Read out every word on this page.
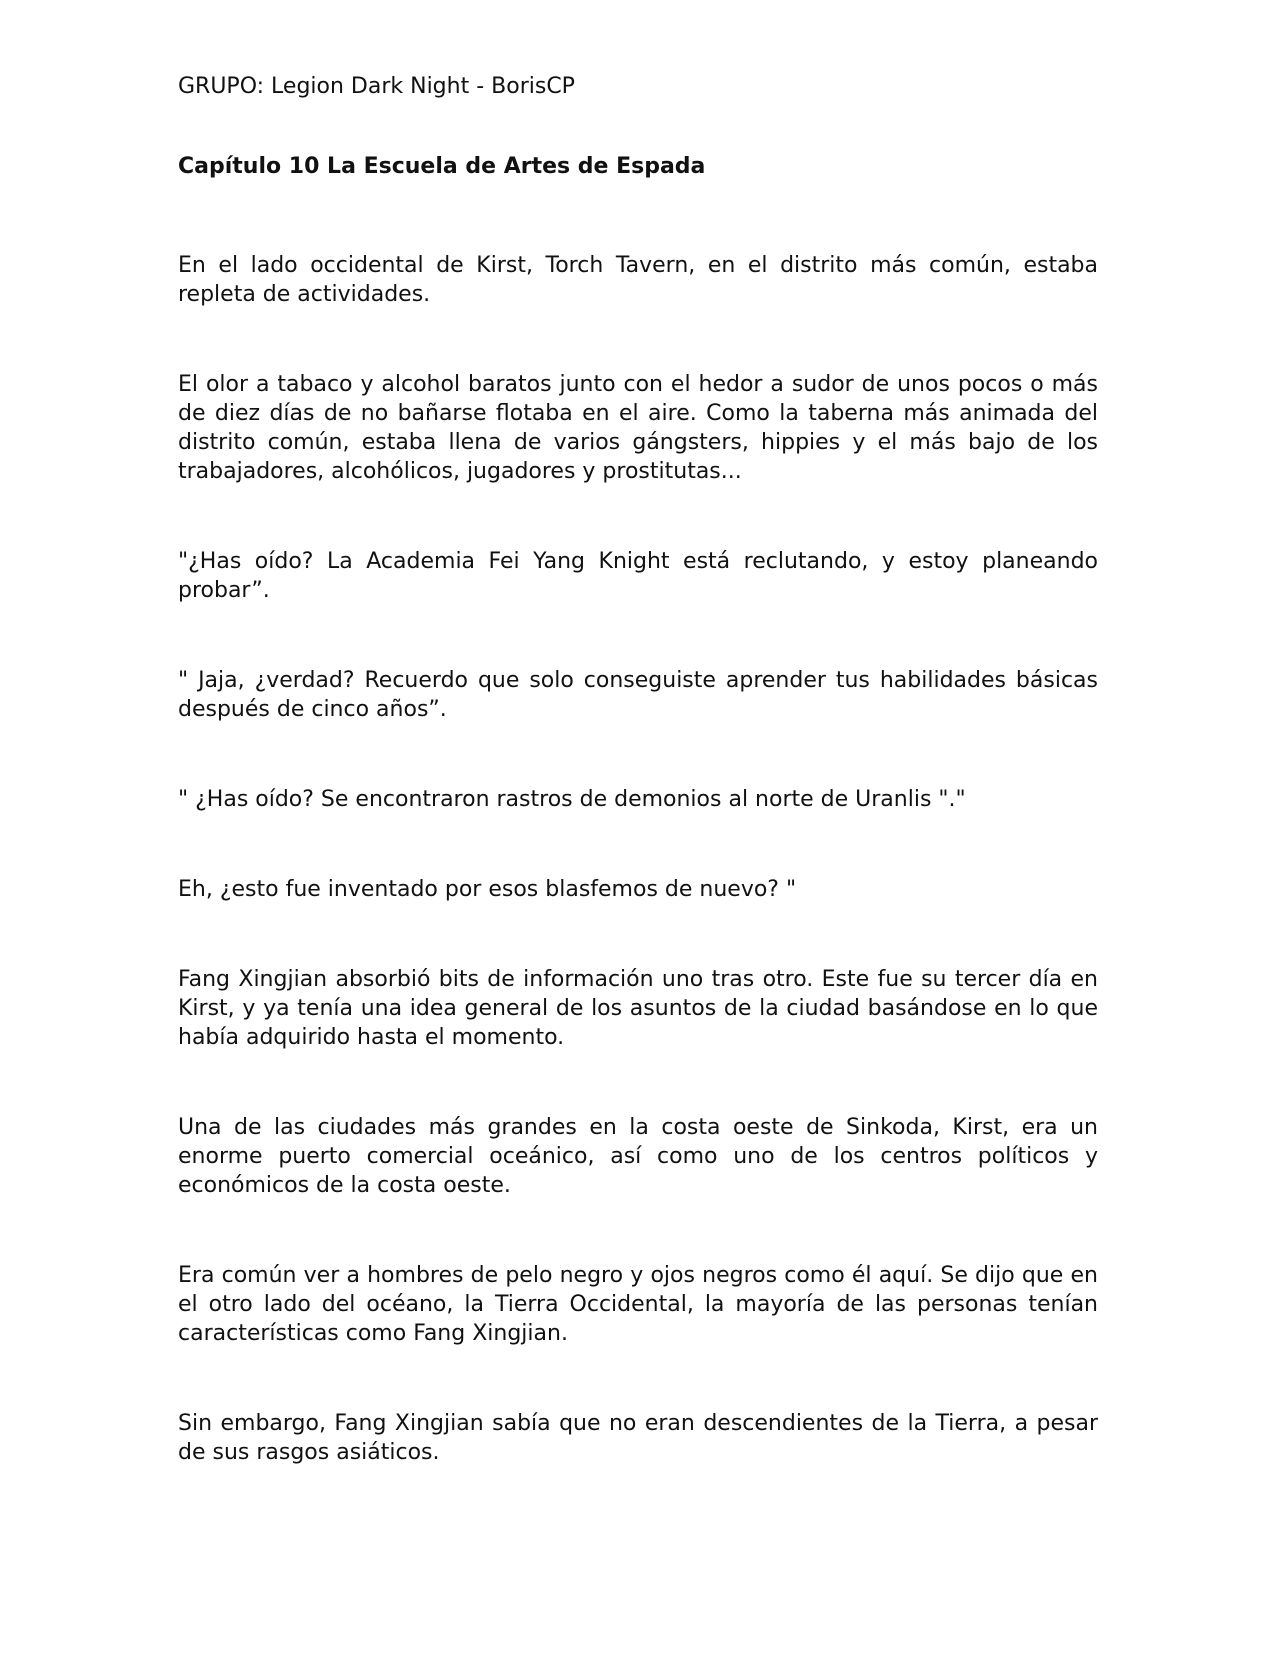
GRUPO: Legion Dark Night - BorisCP

Capítulo 10 La Escuela de Artes de Espada

En el lado occidental de Kirst, Torch Tavern, en el distrito más común, estaba repleta de actividades.

El olor a tabaco y alcohol baratos junto con el hedor a sudor de unos pocos o más de diez días de no bañarse flotaba en el aire. Como la taberna más animada del distrito común, estaba llena de varios gángsters, hippies y el más bajo de los trabajadores, alcohólicos, jugadores y prostitutas...

"¿Has oído? La Academia Fei Yang Knight está reclutando, y estoy planeando probar”.

" Jaja, ¿verdad? Recuerdo que solo conseguiste aprender tus habilidades básicas después de cinco años”.

" ¿Has oído? Se encontraron rastros de demonios al norte de Uranlis "."

Eh, ¿esto fue inventado por esos blasfemos de nuevo? "

Fang Xingjian absorbió bits de información uno tras otro. Este fue su tercer día en Kirst, y ya tenía una idea general de los asuntos de la ciudad basándose en lo que había adquirido hasta el momento.

Una de las ciudades más grandes en la costa oeste de Sinkoda, Kirst, era un enorme puerto comercial oceánico, así como uno de los centros políticos y económicos de la costa oeste.

Era común ver a hombres de pelo negro y ojos negros como él aquí. Se dijo que en el otro lado del océano, la Tierra Occidental, la mayoría de las personas tenían características como Fang Xingjian.

Sin embargo, Fang Xingjian sabía que no eran descendientes de la Tierra, a pesar de sus rasgos asiáticos.
